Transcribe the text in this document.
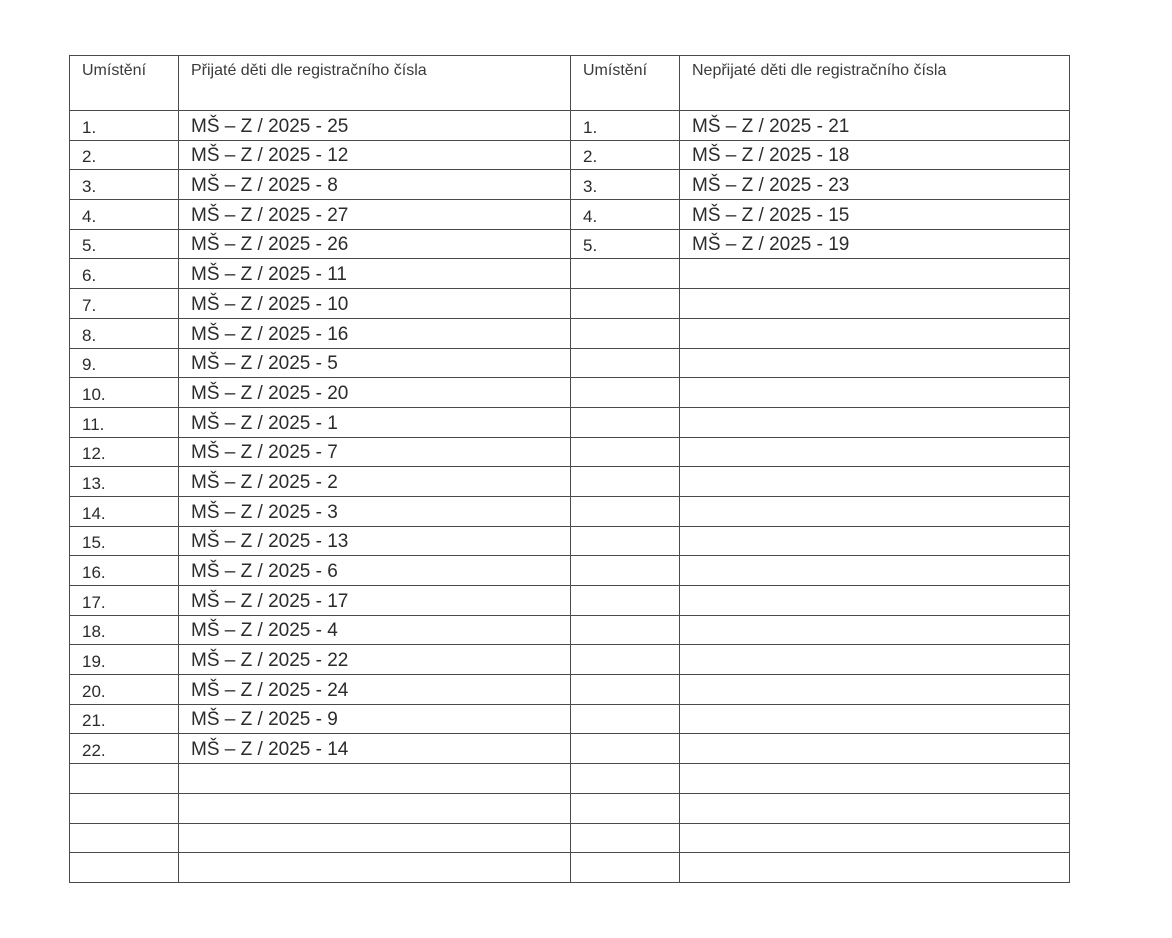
Umístění	Přijaté děti dle registračního čísla	Umístění	Nepřijaté děti dle registračního čísla
1.	MŠ – Z / 2025 - 25	1.	MŠ – Z / 2025 - 21
2.	MŠ – Z / 2025 - 12	2.	MŠ – Z / 2025 - 18
3.	MŠ – Z / 2025 - 8	3.	MŠ – Z / 2025 - 23
4.	MŠ – Z / 2025 - 27	4.	MŠ – Z / 2025 - 15
5.	MŠ – Z / 2025 - 26	5.	MŠ – Z / 2025 - 19
6.	MŠ – Z / 2025 - 11		
7.	MŠ – Z / 2025 - 10		
8.	MŠ – Z / 2025 - 16		
9.	MŠ – Z / 2025 - 5		
10.	MŠ – Z / 2025 - 20		
11.	MŠ – Z / 2025 - 1		
12.	MŠ – Z / 2025 - 7		
13.	MŠ – Z / 2025 - 2		
14.	MŠ – Z / 2025 - 3		
15.	MŠ – Z / 2025 - 13		
16.	MŠ – Z / 2025 - 6		
17.	MŠ – Z / 2025 - 17		
18.	MŠ – Z / 2025 - 4		
19.	MŠ – Z / 2025 - 22		
20.	MŠ – Z / 2025 - 24		
21.	MŠ – Z / 2025 - 9		
22.	MŠ – Z / 2025 - 14		
